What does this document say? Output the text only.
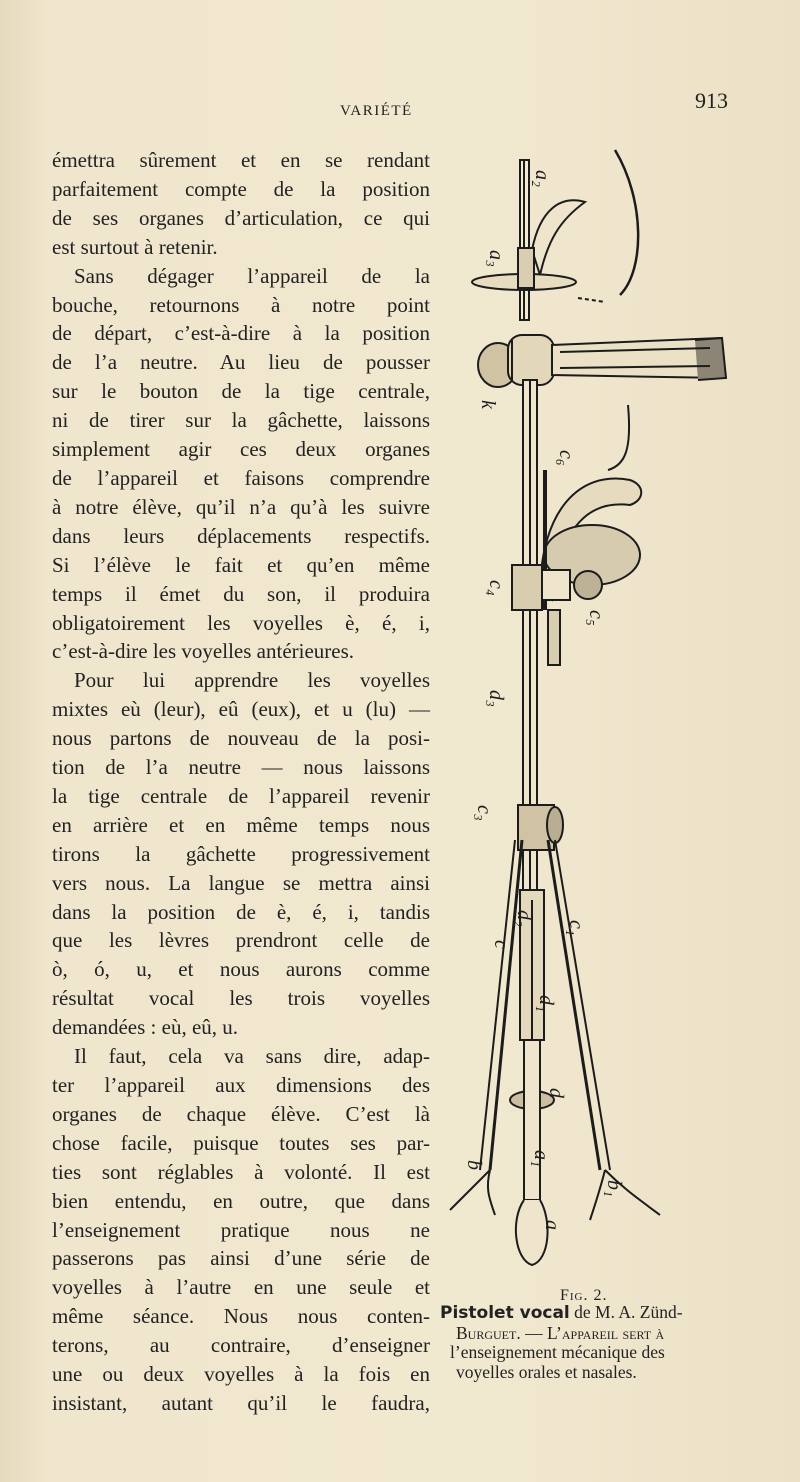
VARIÉTÉ	913
émettra sûrement et en se rendant
parfaitement compte de la position
de ses organes d’articulation, ce qui
est surtout à retenir.
Sans dégager l’appareil de la
bouche, retournons à notre point
de départ, c’est-à-dire à la position
de l’a neutre. Au lieu de pousser
sur le bouton de la tige centrale,
ni de tirer sur la gâchette, laissons
simplement agir ces deux organes
de l’appareil et faisons comprendre
à notre élève, qu’il n’a qu’à les suivre
dans leurs déplacements respectifs.
Si l’élève le fait et qu’en même
temps il émet du son, il produira
obligatoirement les voyelles è, é, i,
c’est-à-dire les voyelles antérieures.
Pour lui apprendre les voyelles
mixtes eù (leur), eû (eux), et u (lu) —
nous partons de nouveau de la posi-
tion de l’a neutre — nous laissons
la tige centrale de l’appareil revenir
en arrière et en même temps nous
tirons la gâchette progressivement
vers nous. La langue se mettra ainsi
dans la position de è, é, i, tandis
que les lèvres prendront celle de
ò, ó, u, et nous aurons comme
résultat vocal les trois voyelles
demandées : eù, eû, u.
Il faut, cela va sans dire, adap-
ter l’appareil aux dimensions des
organes de chaque élève. C’est là
chose facile, puisque toutes ses par-
ties sont réglables à volonté. Il est
bien entendu, en outre, que dans
l’enseignement pratique nous ne
passerons pas ainsi d’une série de
voyelles à l’autre en une seule et
même séance. Nous nous conten-
terons, au contraire, d’enseigner
une ou deux voyelles à la fois en
insistant, autant qu’il le faudra,
a₂
a₃
k
c₆
c₄
c₅
d₃
c₃
c
d₂
c₁
d₁
d
b a₁
b₁
a
Fig. 2.
Pistolet vocal de M. A. Zünd-
Burguet. — L’appareil sert à
l’enseignement mécanique des
voyelles orales et nasales.
